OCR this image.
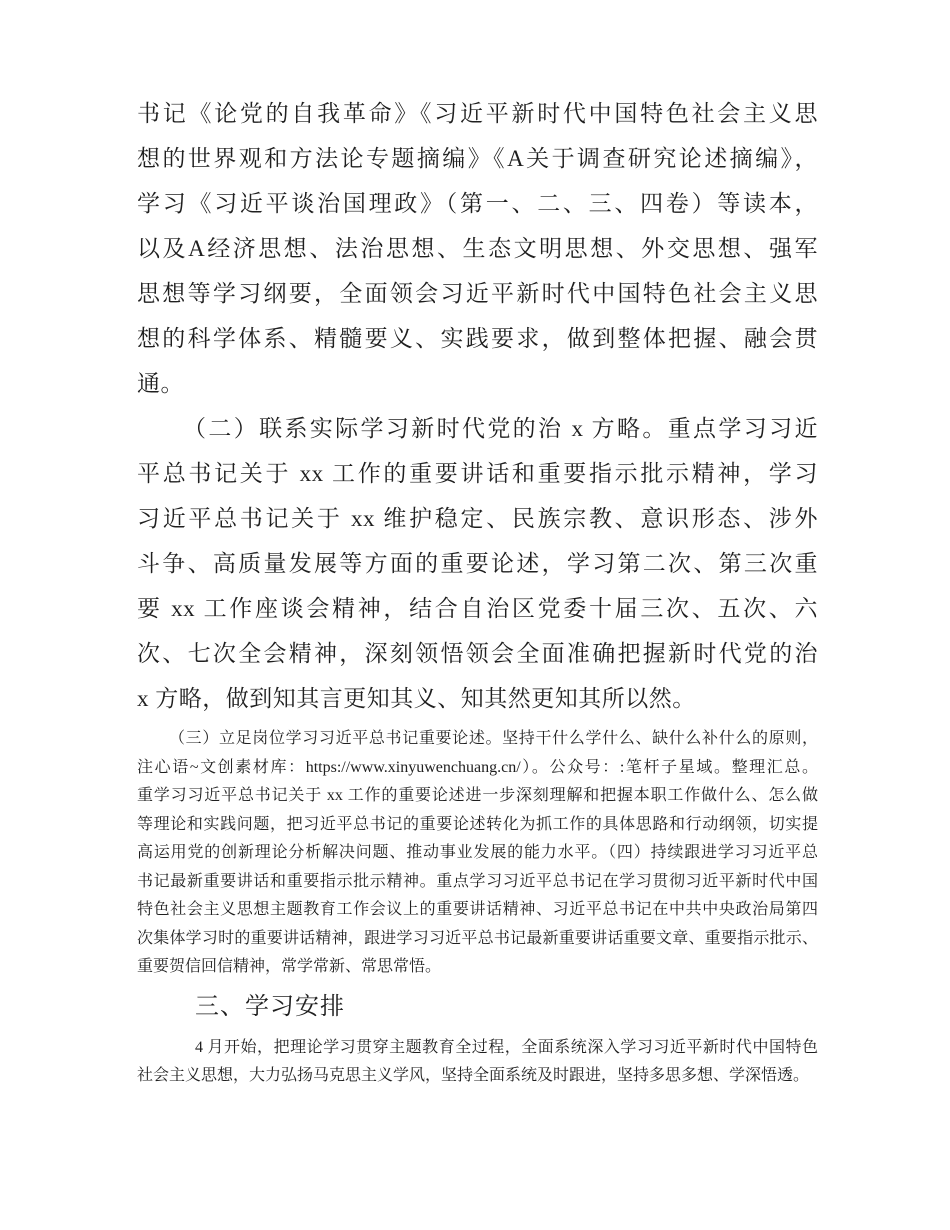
书记《论党的自我革命》《习近平新时代中国特色社会主义思
想的世界观和方法论专题摘编》《A关于调查研究论述摘编》，
学习《习近平谈治国理政》（第一、二、三、四卷）等读本，
以及A经济思想、法治思想、生态文明思想、外交思想、强军
思想等学习纲要，全面领会习近平新时代中国特色社会主义思
想的科学体系、精髓要义、实践要求，做到整体把握、融会贯
通。
（二）联系实际学习新时代党的治 x 方略。重点学习习近
平总书记关于 xx 工作的重要讲话和重要指示批示精神，学习
习近平总书记关于 xx 维护稳定、民族宗教、意识形态、涉外
斗争、高质量发展等方面的重要论述，学习第二次、第三次重
要 xx 工作座谈会精神，结合自治区党委十届三次、五次、六
次、七次全会精神，深刻领悟领会全面准确把握新时代党的治
x 方略，做到知其言更知其义、知其然更知其所以然。
（三）立足岗位学习习近平总书记重要论述。坚持干什么学什么、缺什么补什么的原则，
注心语~文创素材库：https://www.xinyuwenchuang.cn/）。公众号：:笔杆子星域。整理汇总。
重学习习近平总书记关于 xx 工作的重要论述进一步深刻理解和把握本职工作做什么、怎么做
等理论和实践问题，把习近平总书记的重要论述转化为抓工作的具体思路和行动纲领，切实提
高运用党的创新理论分析解决问题、推动事业发展的能力水平。（四）持续跟进学习习近平总
书记最新重要讲话和重要指示批示精神。重点学习习近平总书记在学习贯彻习近平新时代中国
特色社会主义思想主题教育工作会议上的重要讲话精神、习近平总书记在中共中央政治局第四
次集体学习时的重要讲话精神，跟进学习习近平总书记最新重要讲话重要文章、重要指示批示、
重要贺信回信精神，常学常新、常思常悟。
三、学习安排
4 月开始，把理论学习贯穿主题教育全过程，全面系统深入学习习近平新时代中国特色
社会主义思想，大力弘扬马克思主义学风，坚持全面系统及时跟进，坚持多思多想、学深悟透。
